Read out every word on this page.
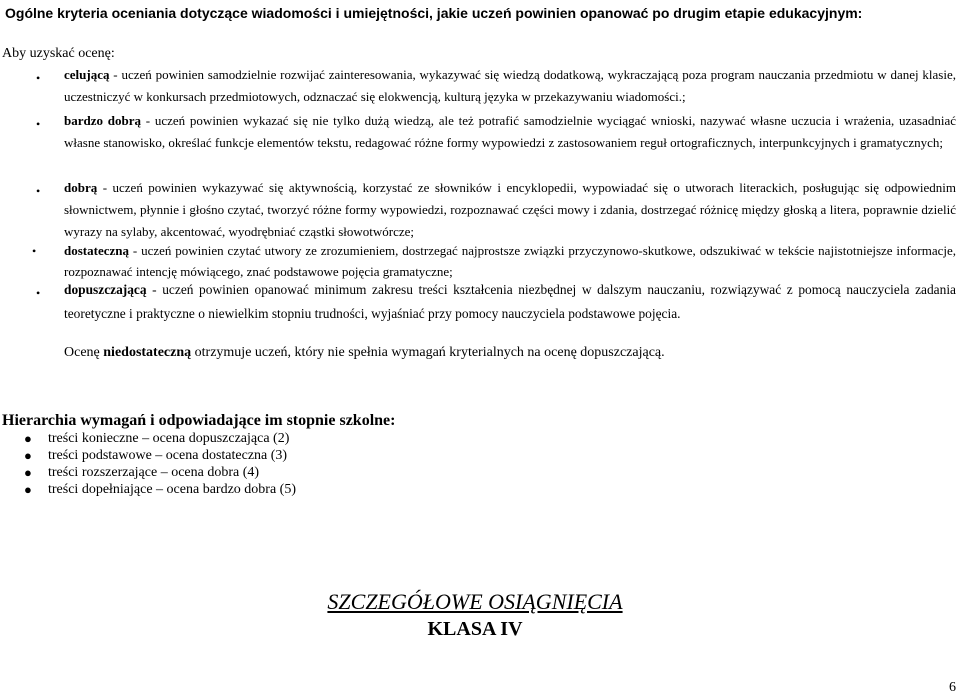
Ogólne kryteria oceniania dotyczące wiadomości i umiejętności, jakie uczeń powinien opanować po drugim etapie edukacyjnym:
Aby uzyskać ocenę:
• celującą - uczeń powinien samodzielnie rozwijać zainteresowania, wykazywać się wiedzą dodatkową, wykraczającą poza program nauczania przedmiotu w danej klasie, uczestniczyć w konkursach przedmiotowych, odznaczać się elokwencją, kulturą języka w przekazywaniu wiadomości.;
• bardzo dobrą - uczeń powinien wykazać się nie tylko dużą wiedzą, ale też potrafić samodzielnie wyciągać wnioski, nazywać własne uczucia i wrażenia, uzasadniać własne stanowisko, określać funkcje elementów tekstu, redagować różne formy wypowiedzi z zastosowaniem reguł ortograficznych, interpunkcyjnych i gramatycznych;
• dobrą - uczeń powinien wykazywać się aktywnością, korzystać ze słowników i encyklopedii, wypowiadać się o utworach literackich, posługując się odpowiednim słownictwem, płynnie i głośno czytać, tworzyć różne formy wypowiedzi, rozpoznawać części mowy i zdania, dostrzegać różnicę między głoską a litera, poprawnie dzielić wyrazy na sylaby, akcentować, wyodrębniać cząstki słowotwórcze;
• dostateczną - uczeń powinien czytać utwory ze zrozumieniem, dostrzegać najprostsze związki przyczynowo-skutkowe, odszukiwać w tekście najistotniejsze informacje, rozpoznawać intencję mówiącego, znać podstawowe pojęcia gramatyczne;
• dopuszczającą - uczeń powinien opanować minimum zakresu treści kształcenia niezbędnej w dalszym nauczaniu, rozwiązywać z pomocą nauczyciela zadania teoretyczne i praktyczne o niewielkim stopniu trudności, wyjaśniać przy pomocy nauczyciela podstawowe pojęcia.
Ocenę niedostateczną otrzymuje uczeń, który nie spełnia wymagań kryterialnych na ocenę dopuszczającą.
Hierarchia wymagań i odpowiadające im stopnie szkolne:
● treści konieczne – ocena dopuszczająca (2)
● treści podstawowe – ocena dostateczna (3)
● treści rozszerzające – ocena dobra (4)
● treści dopełniające – ocena bardzo dobra (5)
SZCZEGÓŁOWE OSIĄGNIĘCIA
KLASA IV
6
